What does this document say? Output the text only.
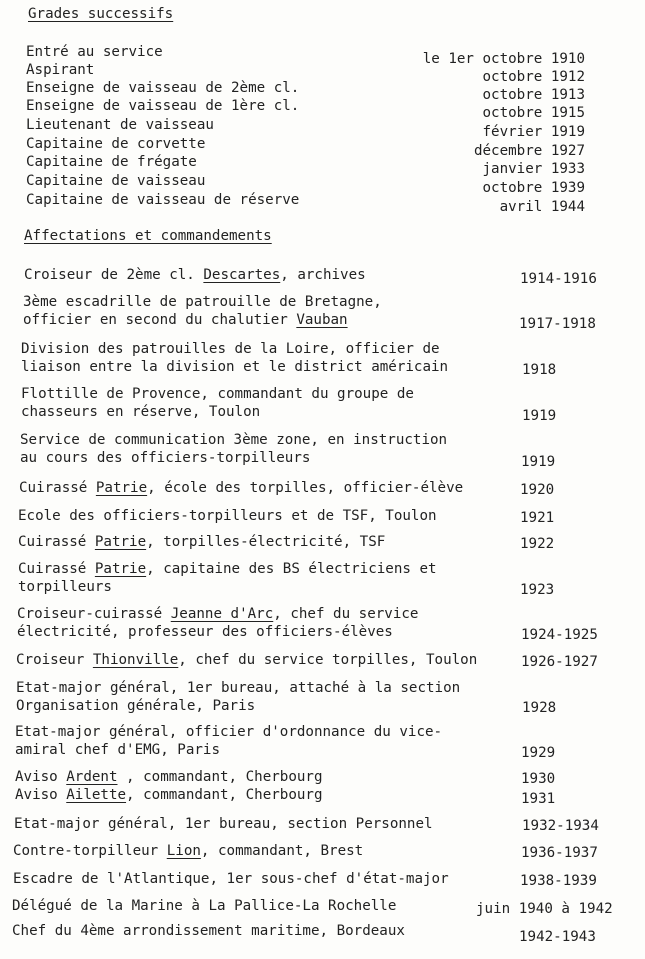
Grades successifs
Entré au service	le 1er octobre 1910
Aspirant	octobre 1912
Enseigne de vaisseau de 2ème cl.	octobre 1913
Enseigne de vaisseau de 1ère cl.	octobre 1915
Lieutenant de vaisseau	février 1919
Capitaine de corvette	décembre 1927
Capitaine de frégate	janvier 1933
Capitaine de vaisseau	octobre 1939
Capitaine de vaisseau de réserve	avril 1944
Affectations et commandements
Croiseur de 2ème cl. Descartes, archives	1914-1916
3ème escadrille de patrouille de Bretagne,
officier en second du chalutier Vauban	1917-1918
Division des patrouilles de la Loire, officier de
liaison entre la division et le district américain	1918
Flottille de Provence, commandant du groupe de
chasseurs en réserve, Toulon	1919
Service de communication 3ème zone, en instruction
au cours des officiers-torpilleurs	1919
Cuirassé Patrie, école des torpilles, officier-élève	1920
Ecole des officiers-torpilleurs et de TSF, Toulon	1921
Cuirassé Patrie, torpilles-électricité, TSF	1922
Cuirassé Patrie, capitaine des BS électriciens et
torpilleurs	1923
Croiseur-cuirassé Jeanne d'Arc, chef du service
électricité, professeur des officiers-élèves	1924-1925
Croiseur Thionville, chef du service torpilles, Toulon	1926-1927
Etat-major général, 1er bureau, attaché à la section
Organisation générale, Paris	1928
Etat-major général, officier d'ordonnance du vice-
amiral chef d'EMG, Paris	1929
Aviso Ardent , commandant, Cherbourg	1930
Aviso Ailette, commandant, Cherbourg	1931
Etat-major général, 1er bureau, section Personnel	1932-1934
Contre-torpilleur Lion, commandant, Brest	1936-1937
Escadre de l'Atlantique, 1er sous-chef d'état-major	1938-1939
Délégué de la Marine à La Pallice-La Rochelle	juin 1940 à 1942
Chef du 4ème arrondissement maritime, Bordeaux	1942-1943
